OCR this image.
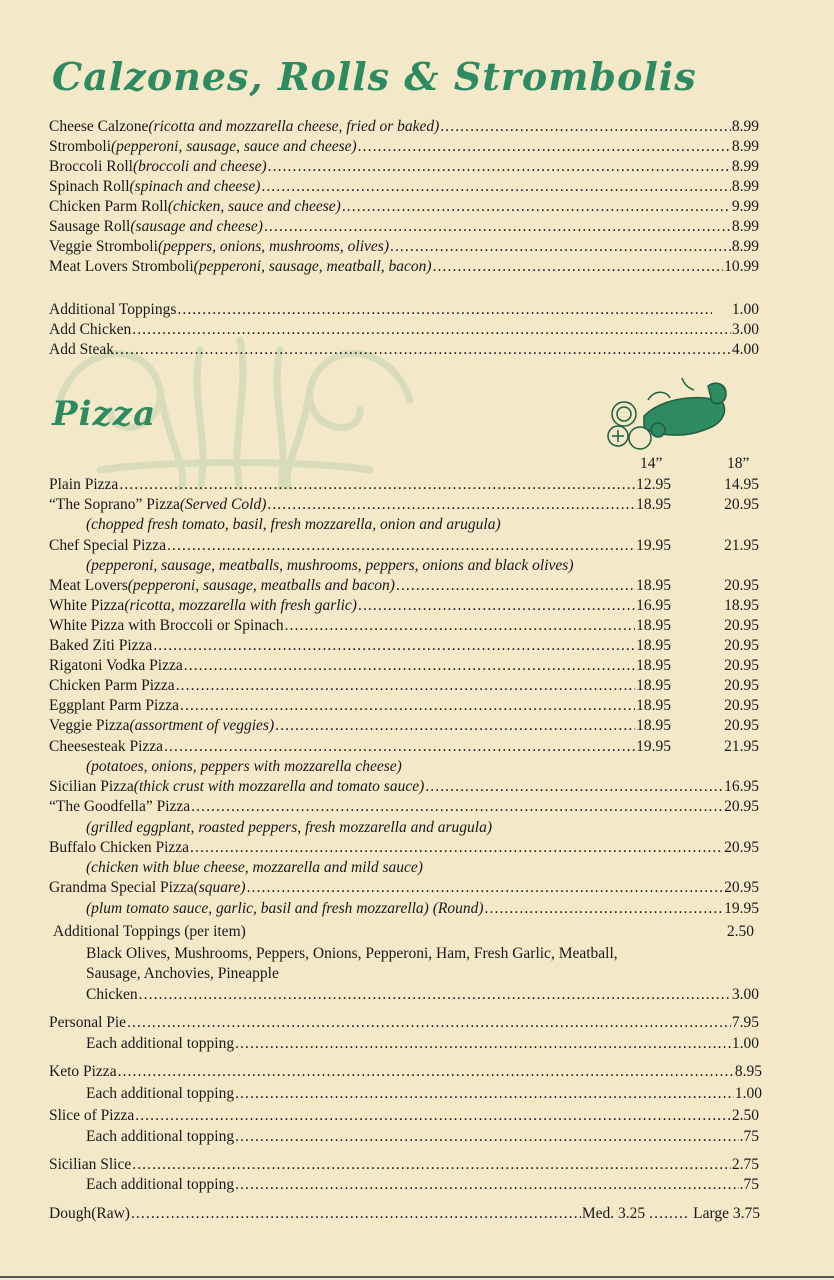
Calzones, Rolls & Strombolis
Cheese Calzone (ricotta and mozzarella cheese, fried or baked) .....	8.99
Stromboli (pepperoni, sausage, sauce and cheese) .....	8.99
Broccoli Roll (broccoli and cheese) .....	8.99
Spinach Roll (spinach and cheese) .....	8.99
Chicken Parm Roll (chicken, sauce and cheese) .....	9.99
Sausage Roll (sausage and cheese) .....	8.99
Veggie Stromboli (peppers, onions, mushrooms, olives) .....	8.99
Meat Lovers Stromboli (pepperoni, sausage, meatball, bacon) .....	10.99
Additional Toppings .....	1.00
Add Chicken .....	3.00
Add Steak .....	4.00
Pizza
14”	18”
Plain Pizza .....	12.95	14.95
“The Soprano” Pizza (Served Cold) .....	18.95	20.95
(chopped fresh tomato, basil, fresh mozzarella, onion and arugula)
Chef Special Pizza .....	19.95	21.95
(pepperoni, sausage, meatballs, mushrooms, peppers, onions and black olives)
Meat Lovers (pepperoni, sausage, meatballs and bacon) .....	18.95	20.95
White Pizza (ricotta, mozzarella with fresh garlic) .....	16.95	18.95
White Pizza with Broccoli or Spinach .....	18.95	20.95
Baked Ziti Pizza .....	18.95	20.95
Rigatoni Vodka Pizza .....	18.95	20.95
Chicken Parm Pizza .....	18.95	20.95
Eggplant Parm Pizza .....	18.95	20.95
Veggie Pizza (assortment of veggies) .....	18.95	20.95
Cheesesteak Pizza .....	19.95	21.95
(potatoes, onions, peppers with mozzarella cheese)
Sicilian Pizza (thick crust with mozzarella and tomato sauce) .....	16.95
“The Goodfella” Pizza .....	20.95
(grilled eggplant, roasted peppers, fresh mozzarella and arugula)
Buffalo Chicken Pizza .....	20.95
(chicken with blue cheese, mozzarella and mild sauce)
Grandma Special Pizza (square) .....	20.95
(plum tomato sauce, garlic, basil and fresh mozzarella) (Round) .....	19.95
Additional Toppings (per item)	2.50
Black Olives, Mushrooms, Peppers, Onions, Pepperoni, Ham, Fresh Garlic, Meatball,
Sausage, Anchovies, Pineapple
Chicken .....	3.00
Personal Pie .....	7.95
Each additional topping .....	1.00
Keto Pizza .....	8.95
Each additional topping .....	1.00
Slice of Pizza .....	2.50
Each additional topping .....	.75
Sicilian Slice .....	2.75
Each additional topping .....	.75
Dough(Raw) .....	Med. 3.25 .....	Large 3.75
